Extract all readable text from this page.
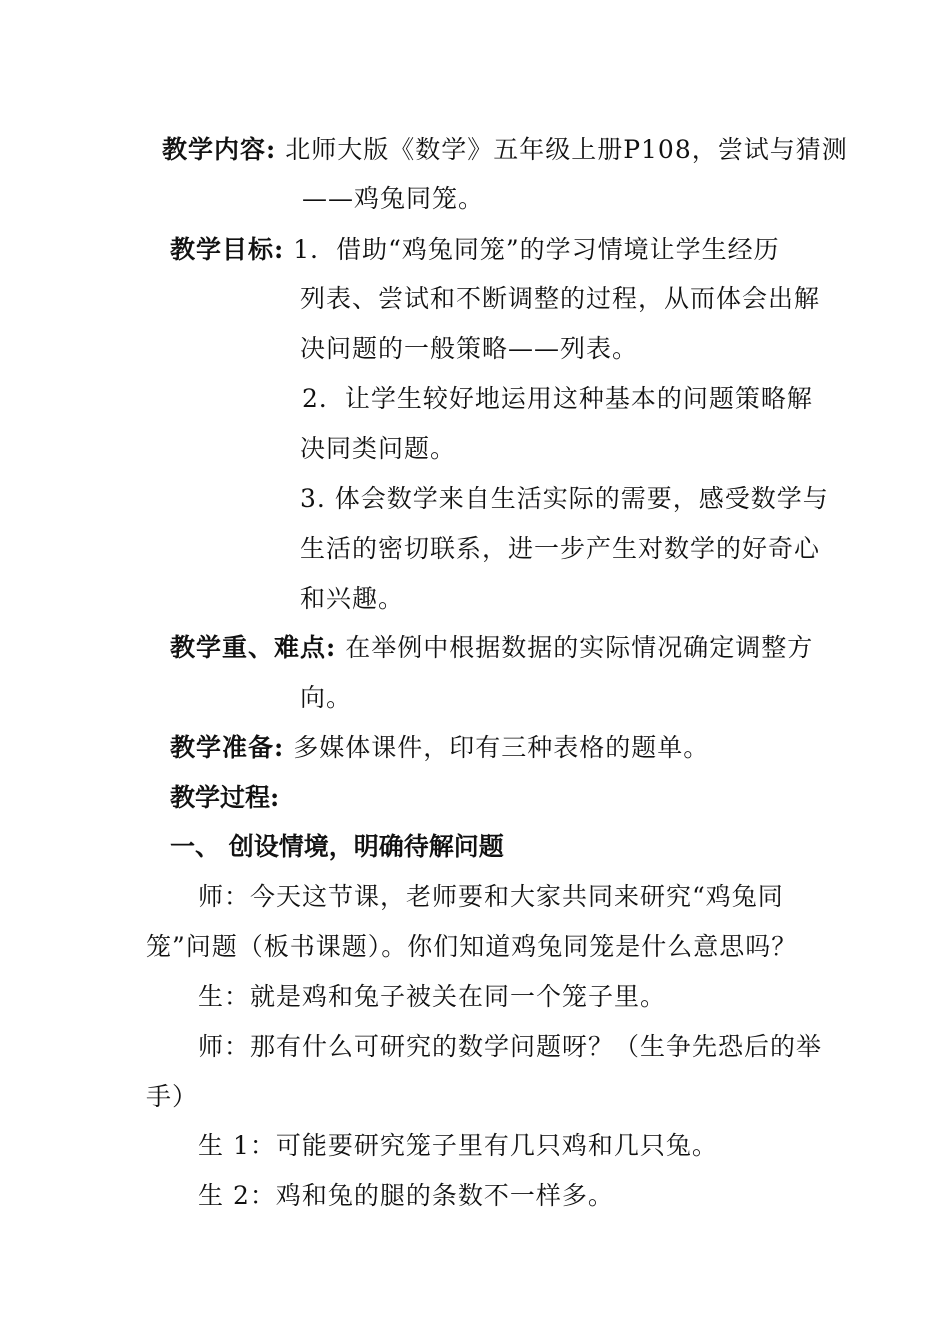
教学内容: 北师大版《数学》五年级上册P108，尝试与猜测
——鸡兔同笼。
教学目标: 1．借助“鸡兔同笼”的学习情境让学生经历
列表、尝试和不断调整的过程，从而体会出解
决问题的一般策略——列表。
2．让学生较好地运用这种基本的问题策略解
决同类问题。
3. 体会数学来自生活实际的需要，感受数学与
生活的密切联系，进一步产生对数学的好奇心
和兴趣。
教学重、难点: 在举例中根据数据的实际情况确定调整方
向。
教学准备: 多媒体课件，印有三种表格的题单。
教学过程:
一、 创设情境，明确待解问题
师：今天这节课，老师要和大家共同来研究“鸡兔同
笼”问题（板书课题）。你们知道鸡兔同笼是什么意思吗？
生：就是鸡和兔子被关在同一个笼子里。
师：那有什么可研究的数学问题呀？（生争先恐后的举
手）
生 1：可能要研究笼子里有几只鸡和几只兔。
生 2：鸡和兔的腿的条数不一样多。
